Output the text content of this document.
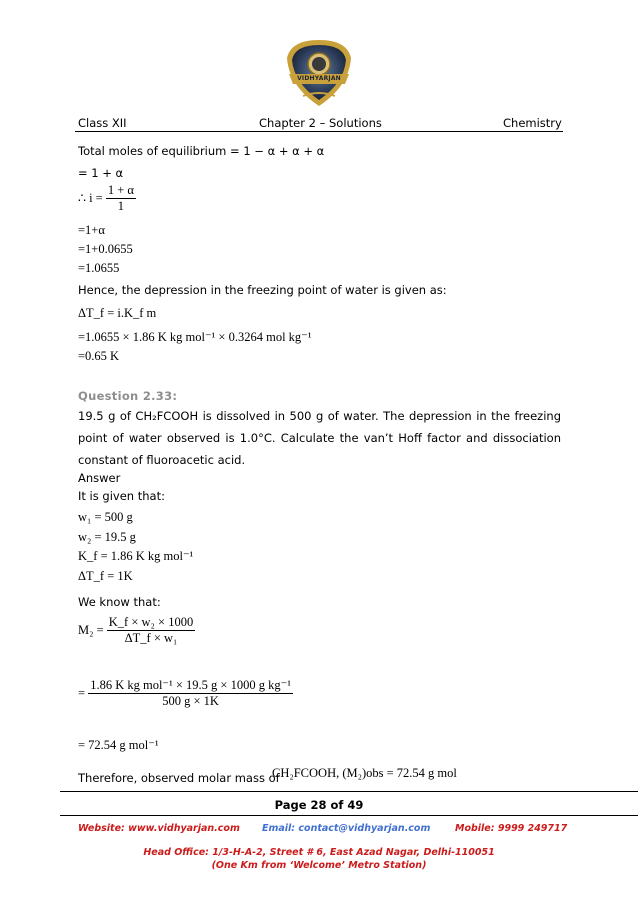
VIDHYARJAN
Class XII	Chapter 2 – Solutions	Chemistry
Total moles of equilibrium = 1 − α + α + α
= 1 + α
∴ $i = \frac{1 + \alpha}{1}$
=1+α
=1+0.0655
=1.0655
Hence, the depression in the freezing point of water is given as:
ΔT_f = i.K_f m
=1.0655 × 1.86 K kg mol⁻¹ × 0.3264 mol kg⁻¹
=0.65 K
Question 2.33:
19.5 g of CH₂FCOOH is dissolved in 500 g of water. The depression in the freezing point of water observed is 1.0°C. Calculate the van’t Hoff factor and dissociation constant of fluoroacetic acid.
Answer
It is given that:
w₁ = 500 g
w₂ = 19.5 g
K_f = 1.86 K kg mol⁻¹
ΔT_f = 1K
We know that:
$M_2 = \frac{\text{K\_f × w₂ × 1000}}{\text{ΔT\_f × w₁}}$
= $\frac{\text{1.86 K kg mol⁻¹ × 19.5 g × 1000 g kg⁻¹}}{500 g \times 1K}$
= 72.54 g mol⁻¹
Therefore, observed molar mass of
CH₂FCOOH, (M₂)obs = 72.54 g mol
Page 28 of 49
Website: www.vidhyarjan.com Email: contact@vidhyarjan.com	Mobile: 9999 249717
Head Office: 1/3-H-A-2, Street # 6, East Azad Nagar, Delhi-110051
(One Km from ‘Welcome’ Metro Station)
